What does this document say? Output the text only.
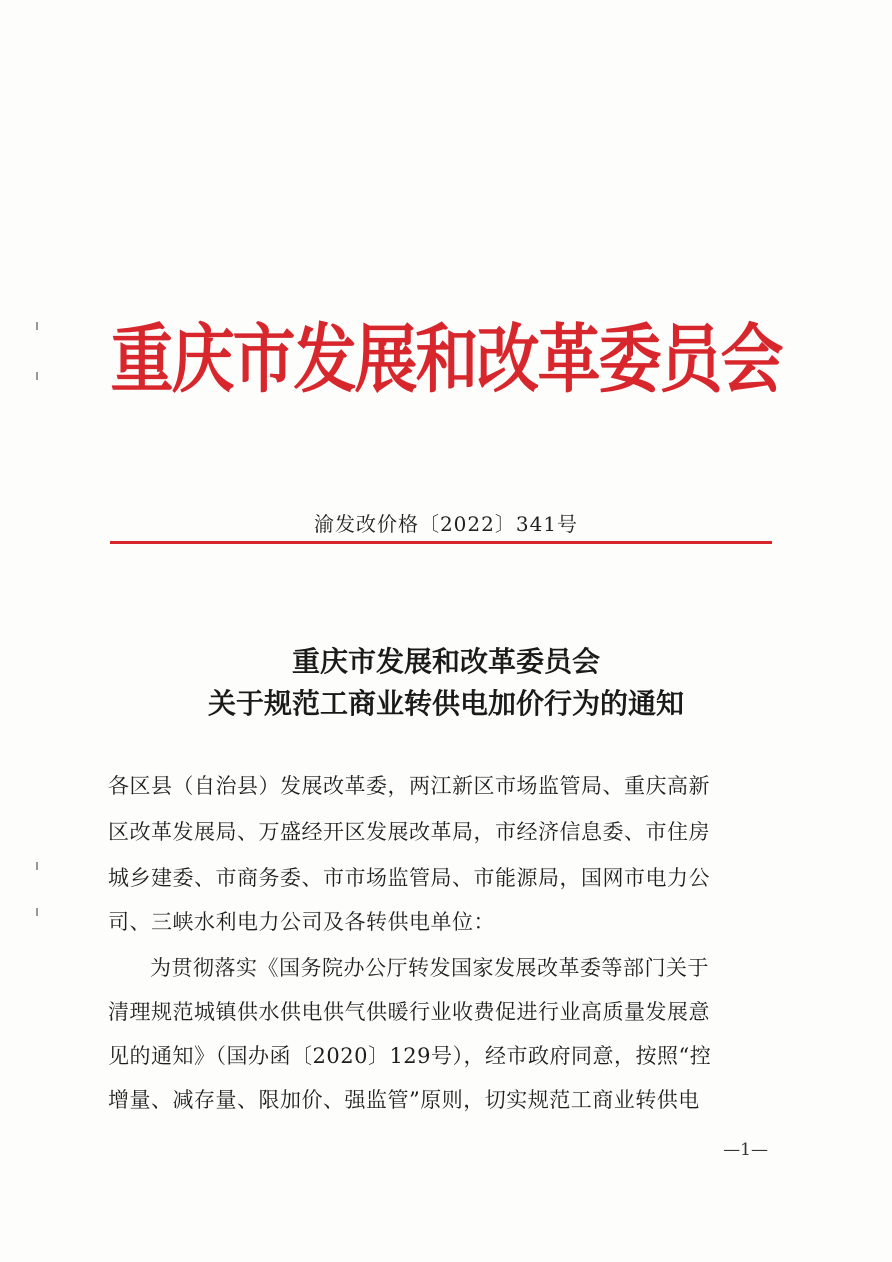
重庆市发展和改革委员会
渝发改价格〔2022〕341号
重庆市发展和改革委员会
关于规范工商业转供电加价行为的通知
各区县（自治县）发展改革委，两江新区市场监管局、重庆高新
区改革发展局、万盛经开区发展改革局，市经济信息委、市住房
城乡建委、市商务委、市市场监管局、市能源局，国网市电力公
司、三峡水利电力公司及各转供电单位：
为贯彻落实《国务院办公厅转发国家发展改革委等部门关于
清理规范城镇供水供电供气供暖行业收费促进行业高质量发展意
见的通知》（国办函〔2020〕129号），经市政府同意，按照“控
增量、减存量、限加价、强监管”原则，切实规范工商业转供电
—1—
